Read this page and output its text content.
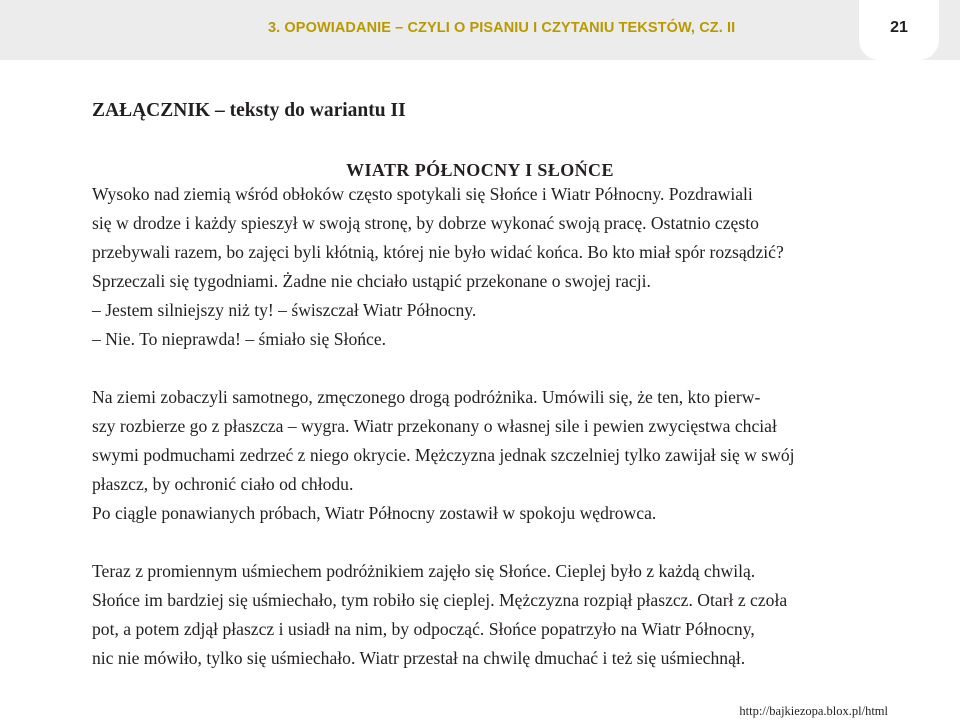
3. OPOWIADANIE – CZYLI O PISANIU I CZYTANIU TEKSTÓW, CZ. II	21
ZAŁĄCZNIK – teksty do wariantu II
WIATR PÓŁNOCNY I SŁOŃCE
Wysoko nad ziemią wśród obłoków często spotykali się Słońce i Wiatr Północny. Pozdrawiali
się w drodze i każdy spieszył w swoją stronę, by dobrze wykonać swoją pracę. Ostatnio często
przebywali razem, bo zajęci byli kłótnią, której nie było widać końca. Bo kto miał spór rozsądzić?
Sprzeczali się tygodniami. Żadne nie chciało ustąpić przekonane o swojej racji.
– Jestem silniejszy niż ty! – świszczał Wiatr Północny.
– Nie. To nieprawda! – śmiało się Słońce.
Na ziemi zobaczyli samotnego, zmęczonego drogą podróżnika. Umówili się, że ten, kto pierw-
szy rozbierze go z płaszcza – wygra. Wiatr przekonany o własnej sile i pewien zwycięstwa chciał
swymi podmuchami zedrzeć z niego okrycie. Mężczyzna jednak szczelniej tylko zawijał się w swój
płaszcz, by ochronić ciało od chłodu.
Po ciągle ponawianych próbach, Wiatr Północny zostawił w spokoju wędrowca.
Teraz z promiennym uśmiechem podróżnikiem zajęło się Słońce. Cieplej było z każdą chwilą.
Słońce im bardziej się uśmiechało, tym robiło się cieplej. Mężczyzna rozpiął płaszcz. Otarł z czoła
pot, a potem zdjął płaszcz i usiadł na nim, by odpocząć. Słońce popatrzyło na Wiatr Północny,
nic nie mówiło, tylko się uśmiechało. Wiatr przestał na chwilę dmuchać i też się uśmiechnął.
http://bajkiezopa.blox.pl/html
